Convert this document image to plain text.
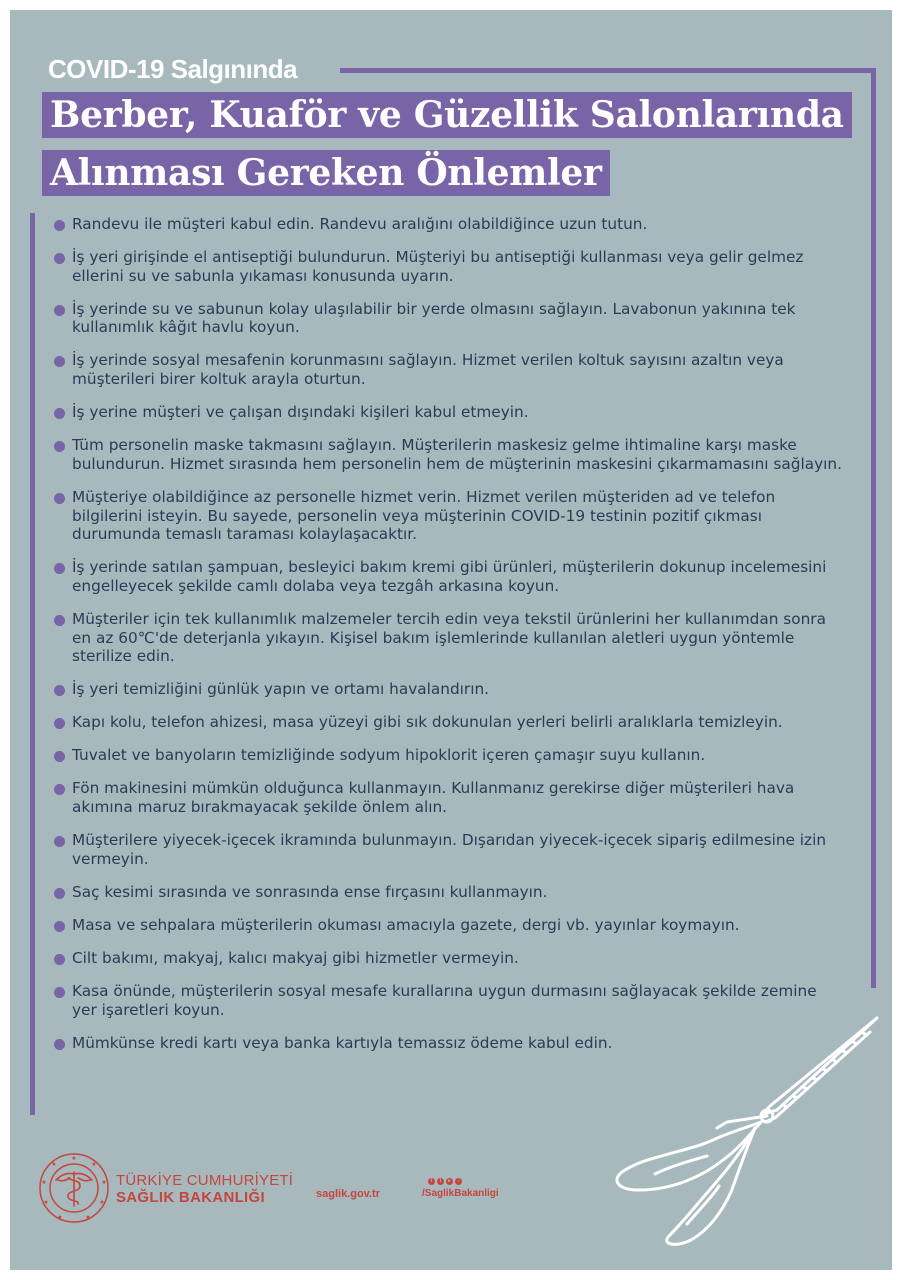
COVID-19 Salgınında
Berber, Kuaför ve Güzellik Salonlarında
Alınması Gereken Önlemler
Randevu ile müşteri kabul edin. Randevu aralığını olabildiğince uzun tutun.
İş yeri girişinde el antiseptiği bulundurun. Müşteriyi bu antiseptiği kullanması veya gelir gelmez ellerini su ve sabunla yıkaması konusunda uyarın.
İş yerinde su ve sabunun kolay ulaşılabilir bir yerde olmasını sağlayın. Lavabonun yakınına tek kullanımlık kâğıt havlu koyun.
İş yerinde sosyal mesafenin korunmasını sağlayın. Hizmet verilen koltuk sayısını azaltın veya müşterileri birer koltuk arayla oturtun.
İş yerine müşteri ve çalışan dışındaki kişileri kabul etmeyin.
Tüm personelin maske takmasını sağlayın. Müşterilerin maskesiz gelme ihtimaline karşı maske bulundurun. Hizmet sırasında hem personelin hem de müşterinin maskesini çıkarmamasını sağlayın.
Müşteriye olabildiğince az personelle hizmet verin. Hizmet verilen müşteriden ad ve telefon bilgilerini isteyin. Bu sayede, personelin veya müşterinin COVID-19 testinin pozitif çıkması durumunda temaslı taraması kolaylaşacaktır.
İş yerinde satılan şampuan, besleyici bakım kremi gibi ürünleri, müşterilerin dokunup incelemesini engelleyecek şekilde camlı dolaba veya tezgâh arkasına koyun.
Müşteriler için tek kullanımlık malzemeler tercih edin veya tekstil ürünlerini her kullanımdan sonra en az 60℃'de deterjanla yıkayın. Kişisel bakım işlemlerinde kullanılan aletleri uygun yöntemle sterilize edin.
İş yeri temizliğini günlük yapın ve ortamı havalandırın.
Kapı kolu, telefon ahizesi, masa yüzeyi gibi sık dokunulan yerleri belirli aralıklarla temizleyin.
Tuvalet ve banyoların temizliğinde sodyum hipoklorit içeren çamaşır suyu kullanın.
Fön makinesini mümkün olduğunca kullanmayın. Kullanmanız gerekirse diğer müşterileri hava akımına maruz bırakmayacak şekilde önlem alın.
Müşterilere yiyecek-içecek ikramında bulunmayın. Dışarıdan yiyecek-içecek sipariş edilmesine izin vermeyin.
Saç kesimi sırasında ve sonrasında ense fırçasını kullanmayın.
Masa ve sehpalara müşterilerin okuması amacıyla gazete, dergi vb. yayınlar koymayın.
Cilt bakımı, makyaj, kalıcı makyaj gibi hizmetler vermeyin.
Kasa önünde, müşterilerin sosyal mesafe kurallarına uygun durmasını sağlayacak şekilde zemine yer işaretleri koyun.
Mümkünse kredi kartı veya banka kartıyla temassız ödeme kabul edin.
★
★
★
★
★
★
★
★
★
TÜRKİYE CUMHURİYETİ
SAĞLIK BAKANLIĞI	saglik.gov.tr
f	t	▸	○
/SaglikBakanligi
